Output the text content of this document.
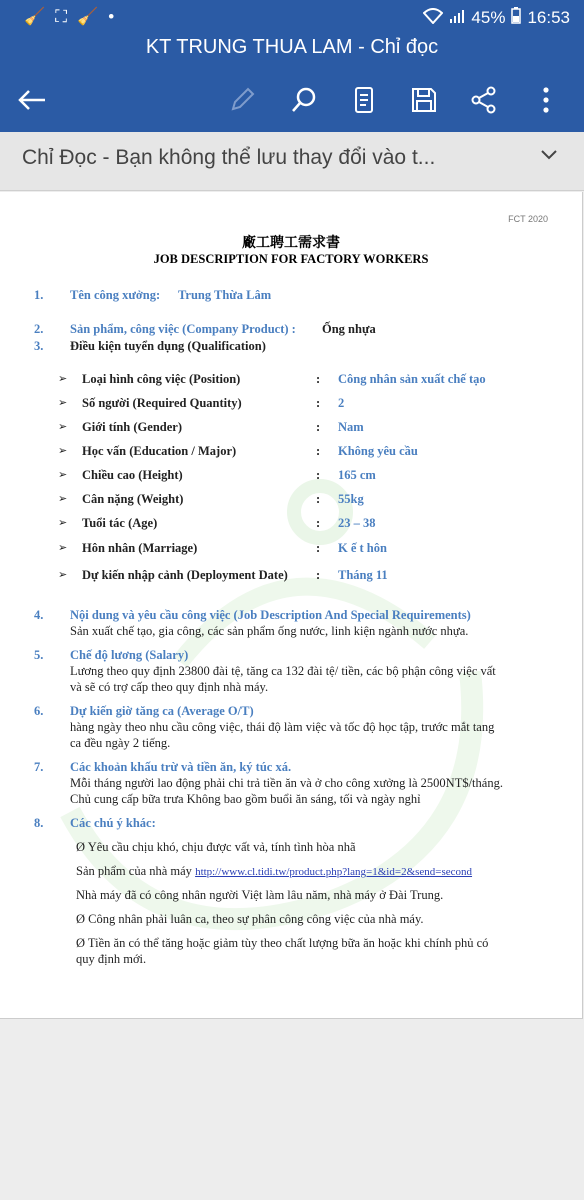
🧹 ⛶ 🧹 •	45% 16:53
KT TRUNG THUA LAM - Chỉ đọc
Chỉ Đọc - Bạn không thể lưu thay đổi vào t...
FCT 2020
廠工聘工需求書
JOB DESCRIPTION FOR FACTORY WORKERS
1. Tên công xưởng: Trung Thừa Lâm
2. Sản phẩm, công việc (Company Product) : Ống nhựa
3. Điều kiện tuyển dụng (Qualification)
➢ Loại hình công việc (Position)	: Công nhân sản xuất chế tạo
➢ Số người (Required Quantity)	: 2
➢ Giới tính (Gender)	: Nam
➢ Học vấn (Education / Major)	: Không yêu cầu
➢ Chiều cao (Height)	: 165 cm
➢ Cân nặng (Weight)	: 55kg
➢ Tuổi tác (Age)	: 23 – 38
➢ Hôn nhân (Marriage)	: K ế t hôn
➢ Dự kiến nhập cảnh (Deployment Date) : Tháng 11
4. Nội dung và yêu cầu công việc (Job Description And Special Requirements)
Sản xuất chế tạo, gia công, các sản phẩm ống nước, linh kiện ngành nước nhựa.
5. Chế độ lương (Salary)
Lương theo quy định 23800 đài tệ, tăng ca 132 đài tệ/ tiền, các bộ phận công việc vất
và sẽ có trợ cấp theo quy định nhà máy.
6. Dự kiến giờ tăng ca (Average O/T)
hàng ngày theo nhu cầu công việc, thái độ làm việc và tốc độ học tập, trước mắt tang
ca đều ngày 2 tiếng.
7. Các khoản khấu trừ và tiền ăn, ký túc xá.
Mỗi tháng người lao động phải chi trả tiền ăn và ở cho công xưởng là 2500NT$/tháng.
Chủ cung cấp bữa trưa Không bao gồm buổi ăn sáng, tối và ngày nghỉ
8. Các chú ý khác:
Ø Yêu cầu chịu khó, chịu được vất vả, tính tình hòa nhã
Sản phẩm của nhà máy http://www.cl.tidi.tw/product.php?lang=1&id=2&send=second
Nhà máy đã có công nhân người Việt làm lâu năm, nhà máy ở Đài Trung.
Ø Công nhân phải luân ca, theo sự phân công công việc của nhà máy.
Ø Tiền ăn có thể tăng hoặc giảm tùy theo chất lượng bữa ăn hoặc khi chính phủ có
quy định mới.
